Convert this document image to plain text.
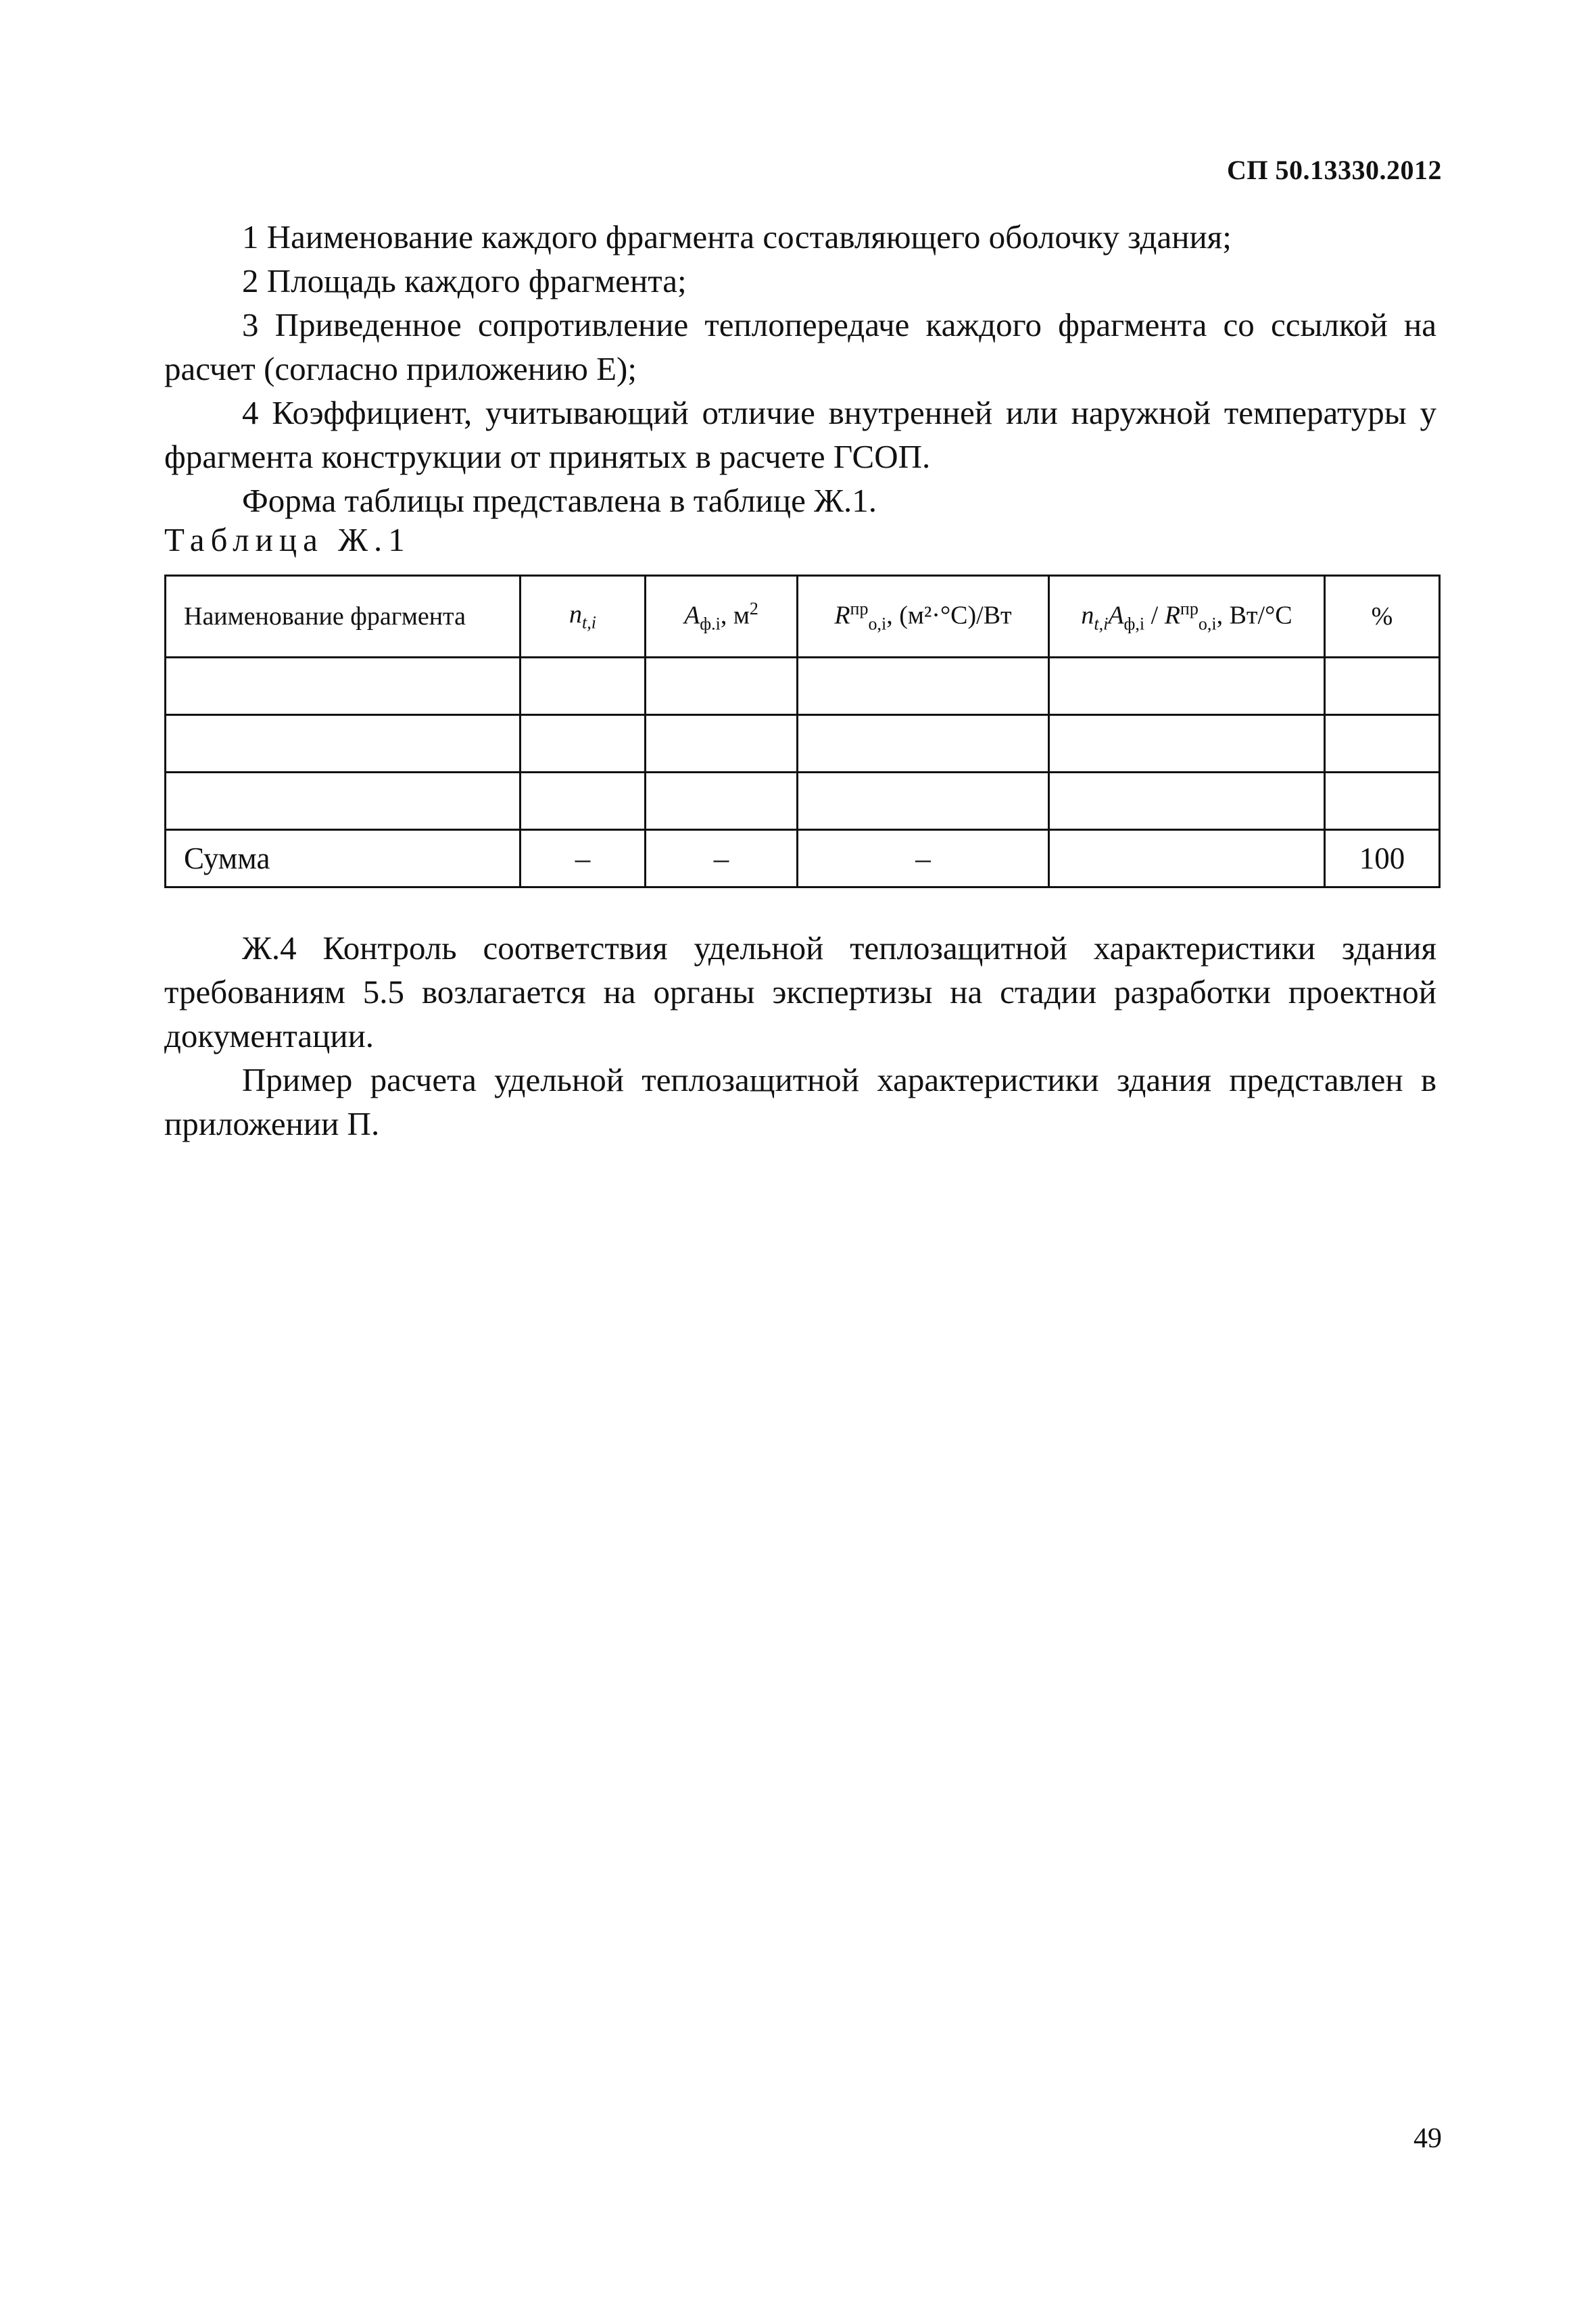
СП 50.13330.2012

1 Наименование каждого фрагмента составляющего оболочку здания;

2 Площадь каждого фрагмента;

3 Приведенное сопротивление теплопередаче каждого фрагмента со ссылкой на расчет (согласно приложению Е);

4 Коэффициент, учитывающий отличие внутренней или наружной температуры у фрагмента конструкции от принятых в расчете ГСОП.

Форма таблицы представлена в таблице Ж.1.

Таблица Ж.1
Наименование фрагмента	$n_{t,i}$	$A_{ф.i}$, $м^2$	$R^{пр}_{о,i}$, (м²·°С)/Вт	$n_{t,i}A_{ф,i} / R^{пр}_{о,i}$, Вт/°С	%

Сумма	–	–	–		100

Ж.4 Контроль соответствия удельной теплозащитной характеристики здания требованиям 5.5 возлагается на органы экспертизы на стадии разработки проектной документации.

Пример расчета удельной теплозащитной характеристики здания представлен в приложении П.

49
